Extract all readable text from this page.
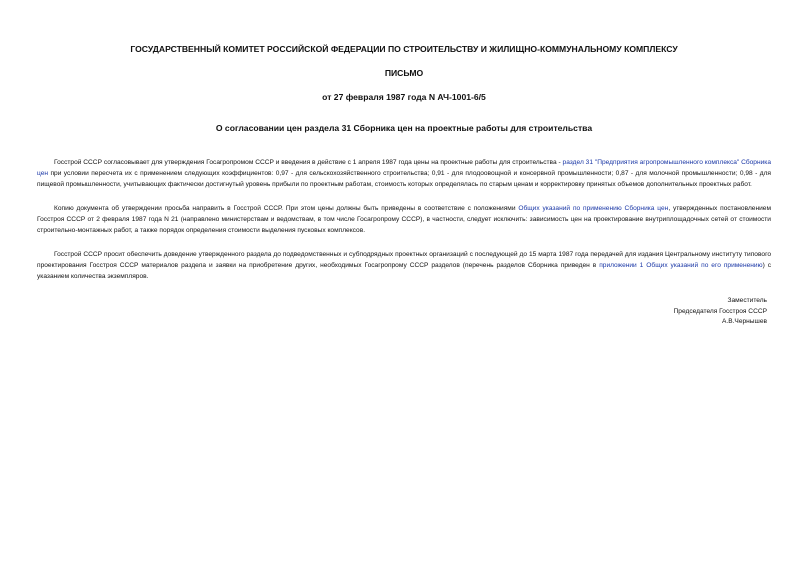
ГОСУДАРСТВЕННЫЙ КОМИТЕТ РОССИЙСКОЙ ФЕДЕРАЦИИ ПО СТРОИТЕЛЬСТВУ И ЖИЛИЩНО-КОММУНАЛЬНОМУ КОМПЛЕКСУ

ПИСЬМО

от 27 февраля 1987 года N АЧ-1001-6/5

О согласовании цен раздела 31 Сборника цен на проектные работы для строительства

Госстрой СССР согласовывает для утверждения Госагропромом СССР и введения в действие с 1 апреля 1987 года цены на проектные работы для строительства - раздел 31 "Предприятия агропромышленного комплекса" Сборника цен при условии пересчета их с применением следующих коэффициентов: 0,97 - для сельскохозяйственного строительства; 0,91 - для плодоовощной и консервной промышленности; 0,87 - для молочной промышленности; 0,98 - для пищевой промышленности, учитывающих фактически достигнутый уровень прибыли по проектным работам, стоимость которых определялась по старым ценам и корректировку принятых объемов дополнительных проектных работ.

Копию документа об утверждении просьба направить в Госстрой СССР. При этом цены должны быть приведены в соответствие с положениями Общих указаний по применению Сборника цен, утвержденных постановлением Госстроя СССР от 2 февраля 1987 года N 21 (направлено министерствам и ведомствам, в том числе Госагропрому СССР), в частности, следует исключить: зависимость цен на проектирование внутриплощадочных сетей от стоимости строительно-монтажных работ, а также порядок определения стоимости выделения пусковых комплексов.

Госстрой СССР просит обеспечить доведение утвержденного раздела до подведомственных и субподрядных проектных организаций с последующей до 15 марта 1987 года передачей для издания Центральному институту типового проектирования Госстроя СССР материалов раздела и заявки на приобретение других, необходимых Госагропрому СССР разделов (перечень разделов Сборника приведен в приложении 1 Общих указаний по его применению) с указанием количества экземпляров.

Заместитель
Председателя Госстроя СССР
А.В.Чернышев
